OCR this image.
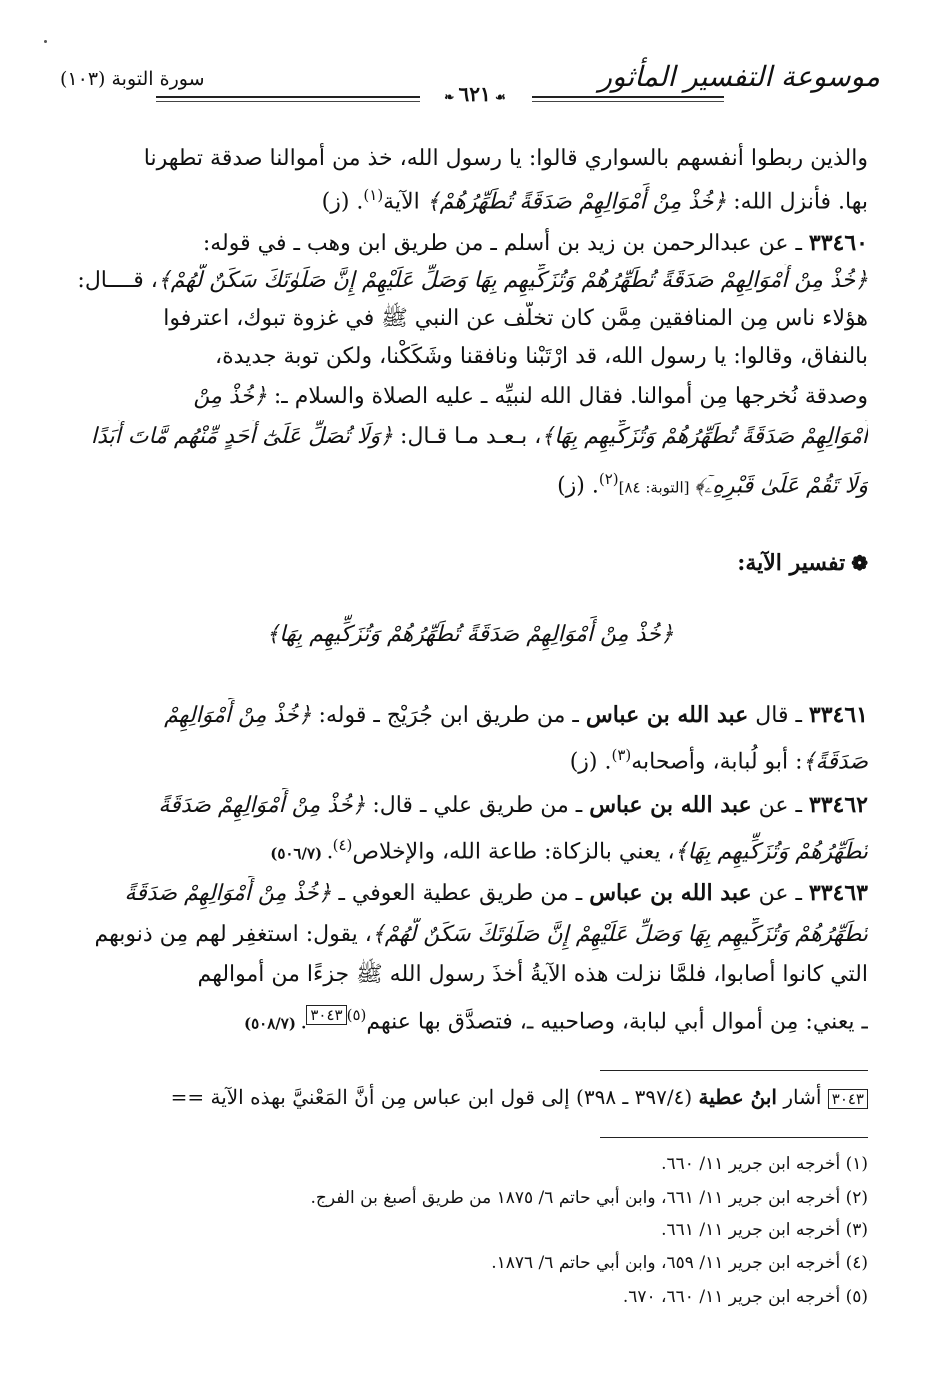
موسوعة التفسير المأثور
❧ ٦٢١ ☙
سورة التوبة (١٠٣)
والذين ربطوا أنفسهم بالسواري قالوا: يا رسول الله، خذ من أموالنا صدقة تطهرنا
بها. فأنزل الله: ﴿خُذْ مِنْ أَمْوَالِهِمْ صَدَقَةً تُطَهِّرُهُمْ﴾ الآية$^{(١)}$. (ز)
٣٣٤٦٠ ـ عن عبدالرحمن بن زيد بن أسلم ـ من طريق ابن وهب ـ في قوله:
﴿خُذْ مِنْ أَمْوَالِهِمْ صَدَقَةً تُطَهِّرُهُمْ وَتُزَكِّيهِم بِهَا وَصَلِّ عَلَيْهِمْ إِنَّ صَلَوٰتَكَ سَكَنٌ لَّهُمْ﴾، قــــال:
هؤلاء ناس مِن المنافقين مِمَّن كان تخلَّف عن النبي ﷺ في غزوة تبوك، اعترفوا
بالنفاق، وقالوا: يا رسول الله، قد ارْتَبْنا ونافقنا وشَكَكْنا، ولكن توبة جديدة،
وصدقة نُخرجها مِن أموالنا. فقال الله لنبيِّه ـ عليه الصلاة والسلام ـ: ﴿خُذْ مِنْ
أَمْوَالِهِمْ صَدَقَةً تُطَهِّرُهُمْ وَتُزَكِّيهِم بِهَا﴾، بـعـد مـا قـال: ﴿وَلَا تُصَلِّ عَلَىٰٓ أَحَدٍ مِّنْهُم مَّاتَ أَبَدًا
وَلَا تَقُمْ عَلَىٰ قَبْرِهِۦٓ﴾ [التوبة: ٨٤]$^{(٢)}$. (ز)
❁تفسير الآية:
﴿خُذْ مِنْ أَمْوَالِهِمْ صَدَقَةً تُطَهِّرُهُمْ وَتُزَكِّيهِم بِهَا﴾
٣٣٤٦١ ـ قال عبد الله بن عباس ـ من طريق ابن جُرَيْج ـ قوله: ﴿خُذْ مِنْ أَمْوَالِهِمْ
صَدَقَةً﴾: أبو لُبابة، وأصحابه$^{(٣)}$. (ز)
٣٣٤٦٢ ـ عن عبد الله بن عباس ـ من طريق علي ـ قال: ﴿خُذْ مِنْ أَمْوَالِهِمْ صَدَقَةً
تُطَهِّرُهُمْ وَتُزَكِّيهِم بِهَا﴾، يعني بالزكاة: طاعة الله، والإخلاص$^{(٤)}$. (٥٠٦/٧)
٣٣٤٦٣ ـ عن عبد الله بن عباس ـ من طريق عطية العوفي ـ ﴿خُذْ مِنْ أَمْوَالِهِمْ صَدَقَةً
تُطَهِّرُهُمْ وَتُزَكِّيهِم بِهَا وَصَلِّ عَلَيْهِمْ إِنَّ صَلَوٰتَكَ سَكَنٌ لَّهُمْ﴾، يقول: استغفِر لهم مِن ذنوبهم
التي كانوا أصابوا، فلمَّا نزلت هذه الآيةُ أخذَ رسول الله ﷺ جزءًا من أموالهم
ـ يعني: مِن أموال أبي لبابة، وصاحبيه ـ، فتصدَّق بها عنهم$^{(٥)٣٠٤٣}$. (٥٠٨/٧)
٣٠٤٣ أشار ابنُ عطية (٣٩٧/٤ ـ ٣٩٨) إلى قول ابن عباس مِن أنَّ المَعْنيَّ بهذه الآية ==
(١) أخرجه ابن جرير ١١/ ٦٦٠.
(٢) أخرجه ابن جرير ١١/ ٦٦١، وابن أبي حاتم ٦/ ١٨٧٥ من طريق أصبغ بن الفرج.
(٣) أخرجه ابن جرير ١١/ ٦٦١.
(٤) أخرجه ابن جرير ١١/ ٦٥٩، وابن أبي حاتم ٦/ ١٨٧٦.
(٥) أخرجه ابن جرير ١١/ ٦٦٠، ٦٧٠.
